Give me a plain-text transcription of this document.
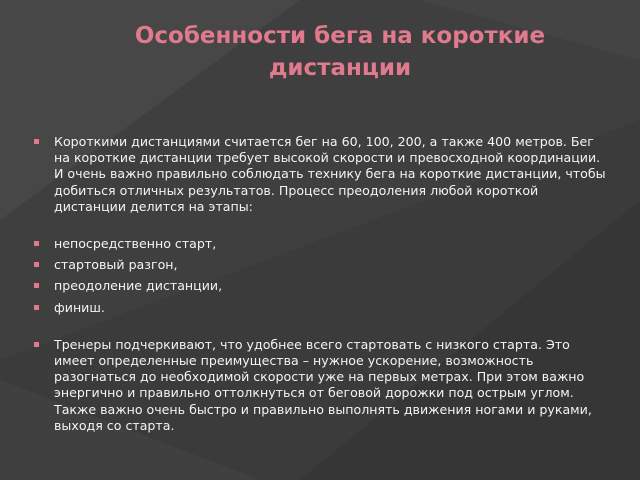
Особенности бега на короткие дистанции

Короткими дистанциями считается бег на 60, 100, 200, а также 400 метров. Бег на короткие дистанции требует высокой скорости и превосходной координации. И очень важно правильно соблюдать технику бега на короткие дистанции, чтобы добиться отличных результатов. Процесс преодоления любой короткой дистанции делится на этапы:

непосредственно старт,

стартовый разгон,

преодоление дистанции,

финиш.

Тренеры подчеркивают, что удобнее всего стартовать с низкого старта. Это имеет определенные преимущества – нужное ускорение, возможность разогнаться до необходимой скорости уже на первых метрах. При этом важно энергично и правильно оттолкнуться от беговой дорожки под острым углом. Также важно очень быстро и правильно выполнять движения ногами и руками, выходя со старта.
